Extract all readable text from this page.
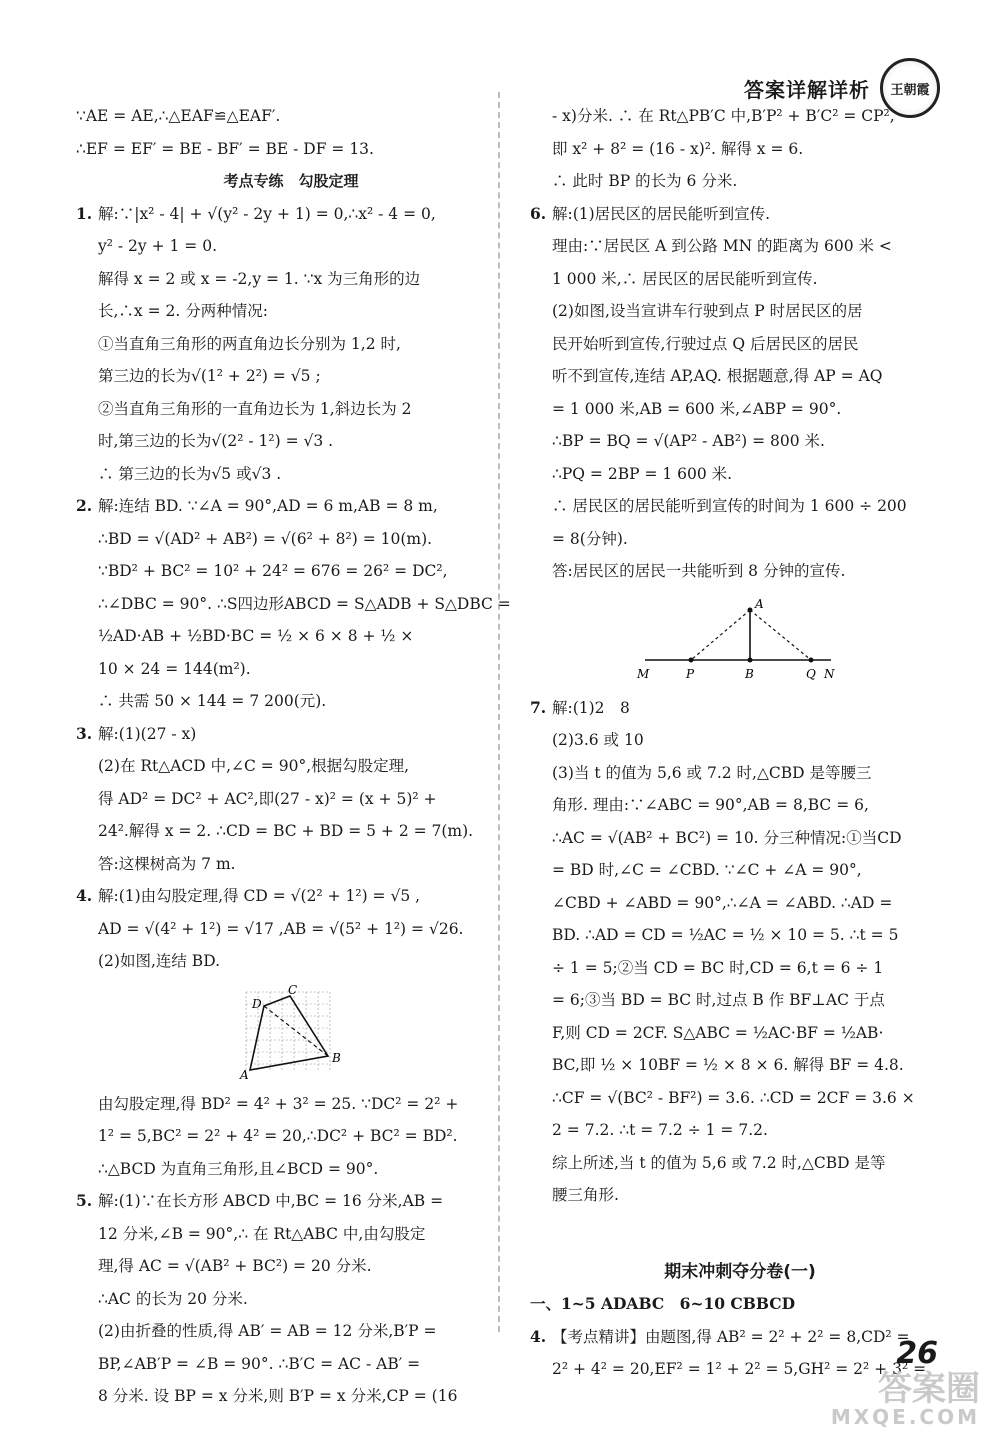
答案详解详析	王朝霞
∵AE = AE,∴△EAF≌△EAF′.
∴EF = EF′ = BE - BF′ = BE - DF = 13.
考点专练　勾股定理
1. 解:∵|x² - 4| + √(y² - 2y + 1) = 0,∴x² - 4 = 0,
y² - 2y + 1 = 0.
解得 x = 2 或 x = -2,y = 1. ∵x 为三角形的边
长,∴x = 2. 分两种情况:
①当直角三角形的两直角边长分别为 1,2 时,
第三边的长为√(1² + 2²) = √5 ;
②当直角三角形的一直角边长为 1,斜边长为 2
时,第三边的长为√(2² - 1²) = √3 .
∴ 第三边的长为√5 或√3 .
2. 解:连结 BD. ∵∠A = 90°,AD = 6 m,AB = 8 m,
∴BD = √(AD² + AB²) = √(6² + 8²) = 10(m).
∵BD² + BC² = 10² + 24² = 676 = 26² = DC²,
∴∠DBC = 90°. ∴S四边形ABCD = S△ADB + S△DBC =
½AD·AB + ½BD·BC = ½ × 6 × 8 + ½ ×
10 × 24 = 144(m²).
∴ 共需 50 × 144 = 7 200(元).
3. 解:(1)(27 - x)
(2)在 Rt△ACD 中,∠C = 90°,根据勾股定理,
得 AD² = DC² + AC²,即(27 - x)² = (x + 5)² +
24².解得 x = 2. ∴CD = BC + BD = 5 + 2 = 7(m).
答:这棵树高为 7 m.
4. 解:(1)由勾股定理,得 CD = √(2² + 1²) = √5 ,
AD = √(4² + 1²) = √17 ,AB = √(5² + 1²) = √26.
(2)如图,连结 BD.
A
B
C
D
由勾股定理,得 BD² = 4² + 3² = 25. ∵DC² = 2² +
1² = 5,BC² = 2² + 4² = 20,∴DC² + BC² = BD².
∴△BCD 为直角三角形,且∠BCD = 90°.
5. 解:(1)∵在长方形 ABCD 中,BC = 16 分米,AB =
12 分米,∠B = 90°,∴ 在 Rt△ABC 中,由勾股定
理,得 AC = √(AB² + BC²) = 20 分米.
∴AC 的长为 20 分米.
(2)由折叠的性质,得 AB′ = AB = 12 分米,B′P =
BP,∠AB′P = ∠B = 90°. ∴B′C = AC - AB′ =
8 分米. 设 BP = x 分米,则 B′P = x 分米,CP = (16
- x)分米. ∴ 在 Rt△PB′C 中,B′P² + B′C² = CP²,
即 x² + 8² = (16 - x)². 解得 x = 6.
∴ 此时 BP 的长为 6 分米.
6. 解:(1)居民区的居民能听到宣传.
理由:∵居民区 A 到公路 MN 的距离为 600 米 <
1 000 米,∴ 居民区的居民能听到宣传.
(2)如图,设当宣讲车行驶到点 P 时居民区的居
民开始听到宣传,行驶过点 Q 后居民区的居民
听不到宣传,连结 AP,AQ. 根据题意,得 AP = AQ
= 1 000 米,AB = 600 米,∠ABP = 90°.
∴BP = BQ = √(AP² - AB²) = 800 米.
∴PQ = 2BP = 1 600 米.
∴ 居民区的居民能听到宣传的时间为 1 600 ÷ 200
= 8(分钟).
答:居民区的居民一共能听到 8 分钟的宣传.
A
M	P	B	Q N
7. 解:(1)2　8
(2)3.6 或 10
(3)当 t 的值为 5,6 或 7.2 时,△CBD 是等腰三
角形. 理由:∵∠ABC = 90°,AB = 8,BC = 6,
∴AC = √(AB² + BC²) = 10. 分三种情况:①当CD
= BD 时,∠C = ∠CBD. ∵∠C + ∠A = 90°,
∠CBD + ∠ABD = 90°,∴∠A = ∠ABD. ∴AD =
BD. ∴AD = CD = ½AC = ½ × 10 = 5. ∴t = 5
÷ 1 = 5;②当 CD = BC 时,CD = 6,t = 6 ÷ 1
= 6;③当 BD = BC 时,过点 B 作 BF⊥AC 于点
F,则 CD = 2CF. S△ABC = ½AC·BF = ½AB·
BC,即 ½ × 10BF = ½ × 8 × 6. 解得 BF = 4.8.
∴CF = √(BC² - BF²) = 3.6. ∴CD = 2CF = 3.6 ×
2 = 7.2. ∴t = 7.2 ÷ 1 = 7.2.
综上所述,当 t 的值为 5,6 或 7.2 时,△CBD 是等
腰三角形.
期末冲刺夺分卷(一)
一、1~5 ADABC　6~10 CBBCD
4. 【考点精讲】由题图,得 AB² = 2² + 2² = 8,CD² =
2² + 4² = 20,EF² = 1² + 2² = 5,GH² = 2² + 3² =
26
答案圈
MXQE.COM
